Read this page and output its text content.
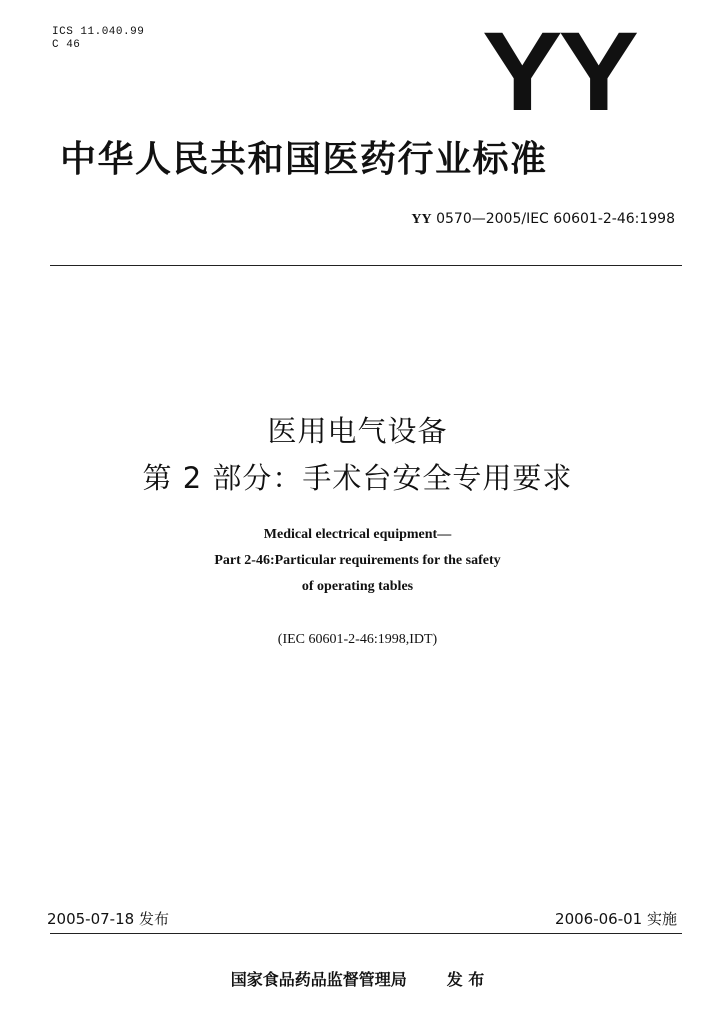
ICS 11.040.99
C 46	YY
中华人民共和国医药行业标准
YY 0570—2005/IEC 60601-2-46:1998
医用电气设备
第 2 部分：手术台安全专用要求
Medical electrical equipment—
Part 2-46:Particular requirements for the safety
of operating tables
(IEC 60601-2-46:1998,IDT)
2005-07-18 发布	2006-06-01 实施
国家食品药品监督管理局	发 布
